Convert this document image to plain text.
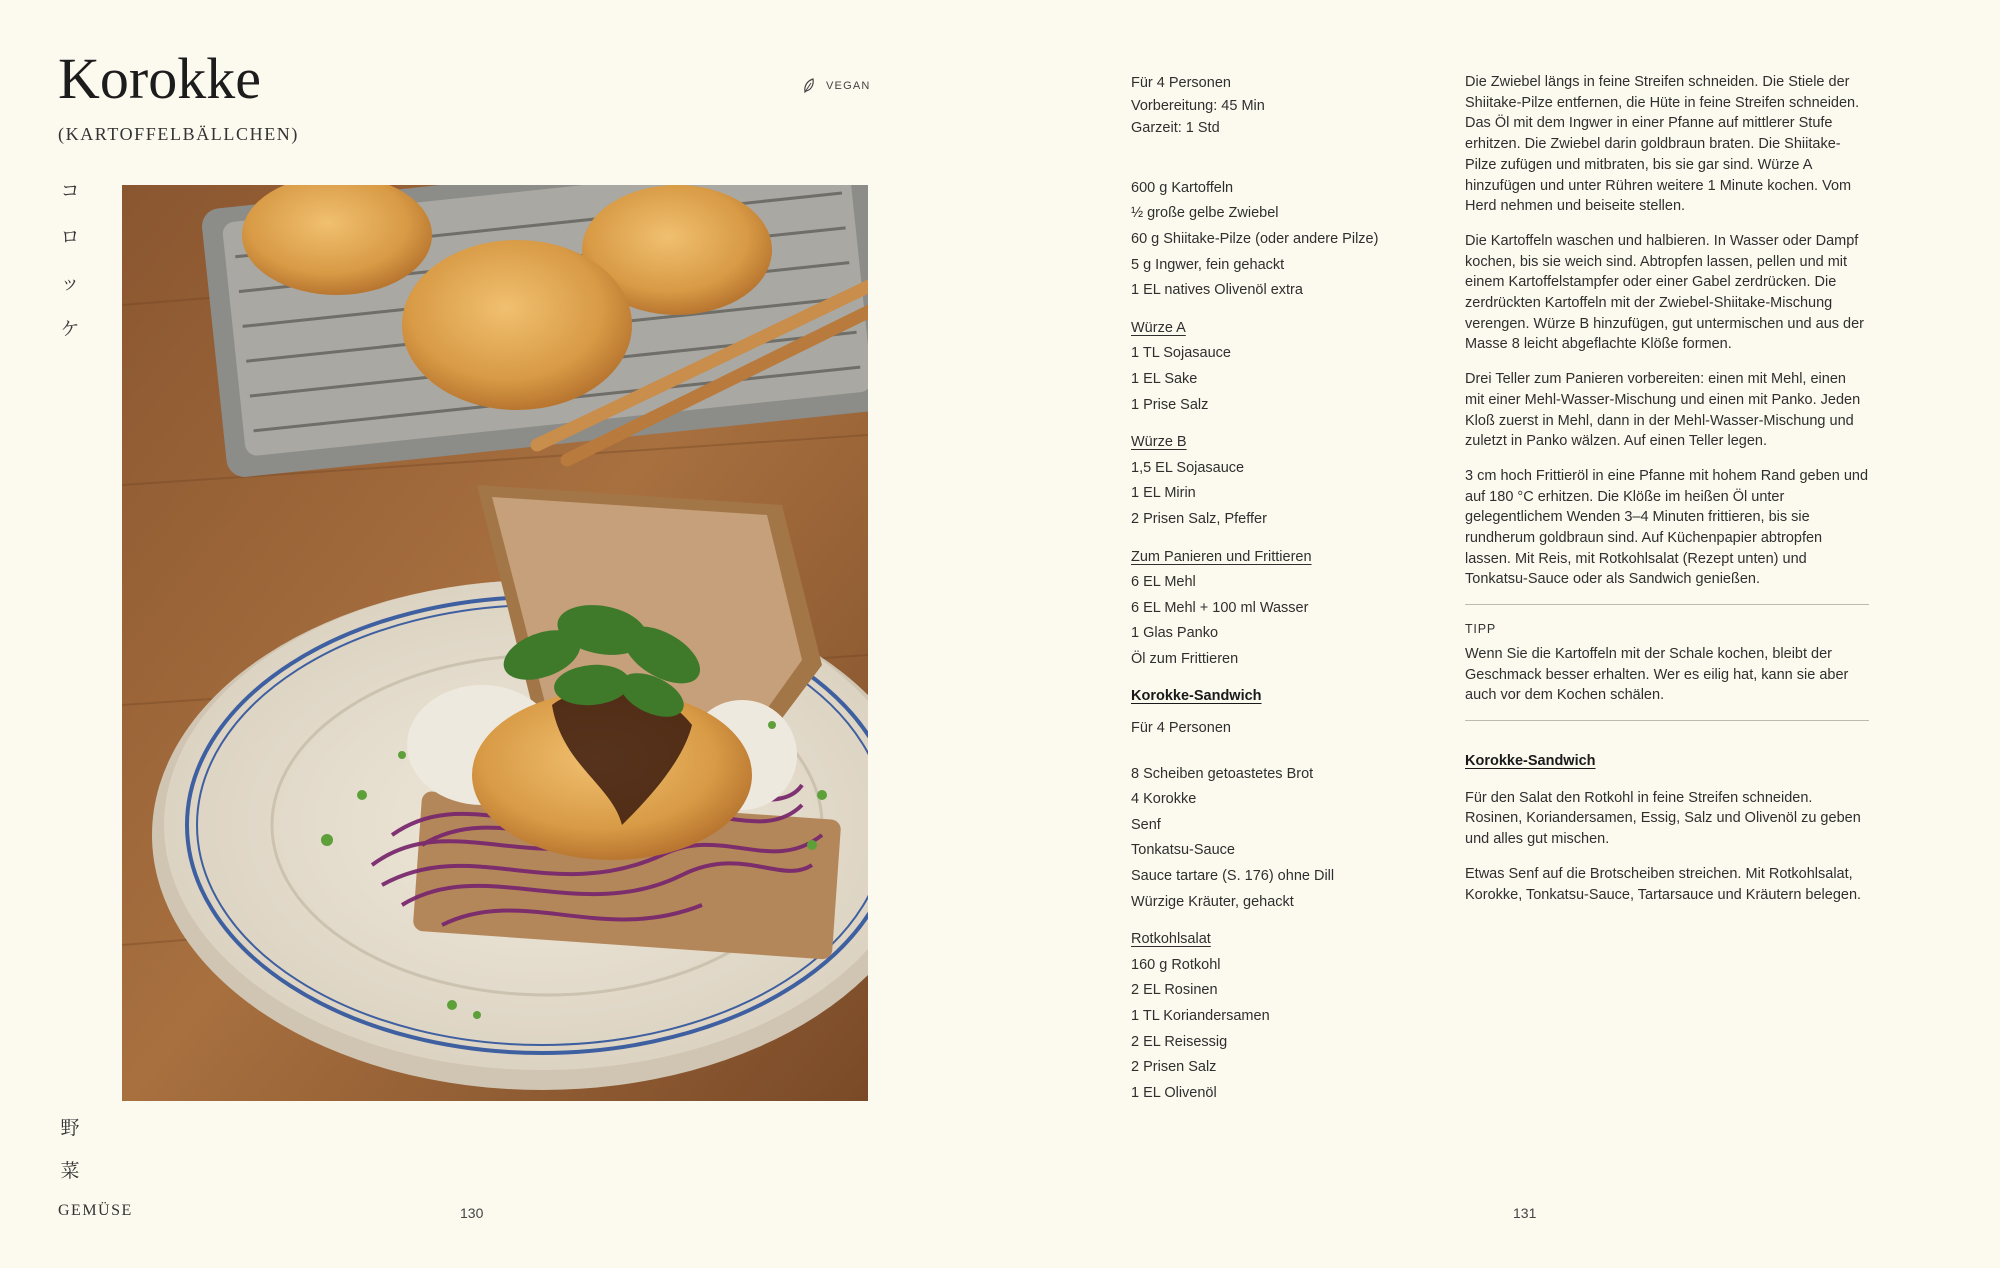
Korokke
(KARTOFFELBÄLLCHEN)
VEGAN
コ
ロ
ッ
ケ
野
菜
GEMÜSE	130
Für 4 Personen
Vorbereitung: 45 Min
Garzeit: 1 Std
600 g Kartoffeln
½ große gelbe Zwiebel
60 g Shiitake-Pilze (oder andere Pilze)
5 g Ingwer, fein gehackt
1 EL natives Olivenöl extra
Würze A
1 TL Sojasauce
1 EL Sake
1 Prise Salz
Würze B
1,5 EL Sojasauce
1 EL Mirin
2 Prisen Salz, Pfeffer
Zum Panieren und Frittieren
6 EL Mehl
6 EL Mehl + 100 ml Wasser
1 Glas Panko
Öl zum Frittieren
Korokke-Sandwich
Für 4 Personen
8 Scheiben getoastetes Brot
4 Korokke
Senf
Tonkatsu-Sauce
Sauce tartare (S. 176) ohne Dill
Würzige Kräuter, gehackt
Rotkohlsalat
160 g Rotkohl
2 EL Rosinen
1 TL Koriandersamen
2 EL Reisessig
2 Prisen Salz
1 EL Olivenöl

Die Zwiebel längs in feine Streifen schneiden. Die Stiele der Shiitake-Pilze entfernen, die Hüte in feine Streifen schneiden. Das Öl mit dem Ingwer in einer Pfanne auf mittlerer Stufe erhitzen. Die Zwiebel darin goldbraun braten. Die Shiitake-Pilze zufügen und mitbraten, bis sie gar sind. Würze A hinzufügen und unter Rühren weitere 1 Minute kochen. Vom Herd nehmen und beiseite stellen.

Die Kartoffeln waschen und halbieren. In Wasser oder Dampf kochen, bis sie weich sind. Abtropfen lassen, pellen und mit einem Kartoffelstampfer oder einer Gabel zerdrücken. Die zerdrückten Kartoffeln mit der Zwiebel-Shiitake-Mischung verengen. Würze B hinzufügen, gut untermischen und aus der Masse 8 leicht abgeflachte Klöße formen.

Drei Teller zum Panieren vorbereiten: einen mit Mehl, einen mit einer Mehl-Wasser-Mischung und einen mit Panko. Jeden Kloß zuerst in Mehl, dann in der Mehl-Wasser-Mischung und zuletzt in Panko wälzen. Auf einen Teller legen.

3 cm hoch Frittieröl in eine Pfanne mit hohem Rand geben und auf 180 °C erhitzen. Die Klöße im heißen Öl unter gelegentlichem Wenden 3–4 Minuten frittieren, bis sie rundherum goldbraun sind. Auf Küchenpapier abtropfen lassen. Mit Reis, mit Rotkohlsalat (Rezept unten) und Tonkatsu-Sauce oder als Sandwich genießen.

TIPP

Wenn Sie die Kartoffeln mit der Schale kochen, bleibt der Geschmack besser erhalten. Wer es eilig hat, kann sie aber auch vor dem Kochen schälen.

Korokke-Sandwich

Für den Salat den Rotkohl in feine Streifen schneiden. Rosinen, Koriandersamen, Essig, Salz und Olivenöl zu geben und alles gut mischen.

Etwas Senf auf die Brotscheiben streichen. Mit Rotkohlsalat, Korokke, Tonkatsu-Sauce, Tartarsauce und Kräutern belegen.

131
